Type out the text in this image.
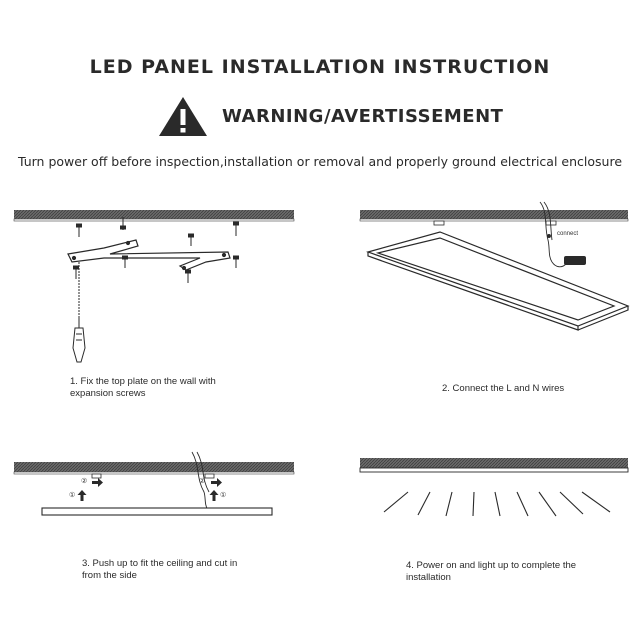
LED PANEL INSTALLATION INSTRUCTION
WARNING/AVERTISSEMENT
Turn power off before inspection,installation or removal and properly ground electrical enclosure
1. Fix the top plate on the wall with
expansion screws
connect
2. Connect the L and N wires
②
①
②
①
3. Push up to fit the ceiling and cut in
from the side
4. Power on and light up to complete the
installation
